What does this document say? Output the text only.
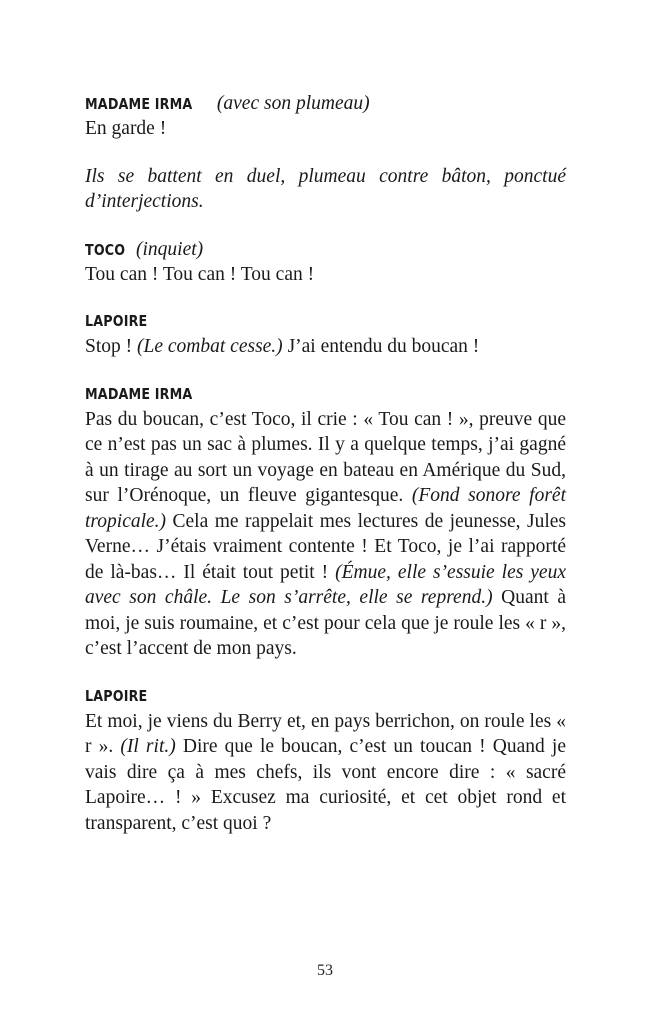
MADAME IRMA (avec son plumeau)

En garde !

Ils se battent en duel, plumeau contre bâton, ponctué d’interjections.

TOCO (inquiet)

Tou can ! Tou can ! Tou can !

LAPOIRE

Stop ! (Le combat cesse.) J’ai entendu du boucan !

MADAME IRMA

Pas du boucan, c’est Toco, il crie : « Tou can ! », preuve que ce n’est pas un sac à plumes. Il y a quelque temps, j’ai gagné à un tirage au sort un voyage en bateau en Amérique du Sud, sur l’Orénoque, un fleuve gigantesque. (Fond sonore forêt tropicale.) Cela me rappelait mes lectures de jeunesse, Jules Verne… J’étais vraiment contente ! Et Toco, je l’ai rapporté de là-bas… Il était tout petit ! (Émue, elle s’essuie les yeux avec son châle. Le son s’arrête, elle se reprend.) Quant à moi, je suis roumaine, et c’est pour cela que je roule les « r », c’est l’accent de mon pays.

LAPOIRE

Et moi, je viens du Berry et, en pays berrichon, on roule les « r ». (Il rit.) Dire que le boucan, c’est un toucan ! Quand je vais dire ça à mes chefs, ils vont encore dire : « sacré Lapoire… ! » Excusez ma curiosité, et cet objet rond et transparent, c’est quoi ?

53
